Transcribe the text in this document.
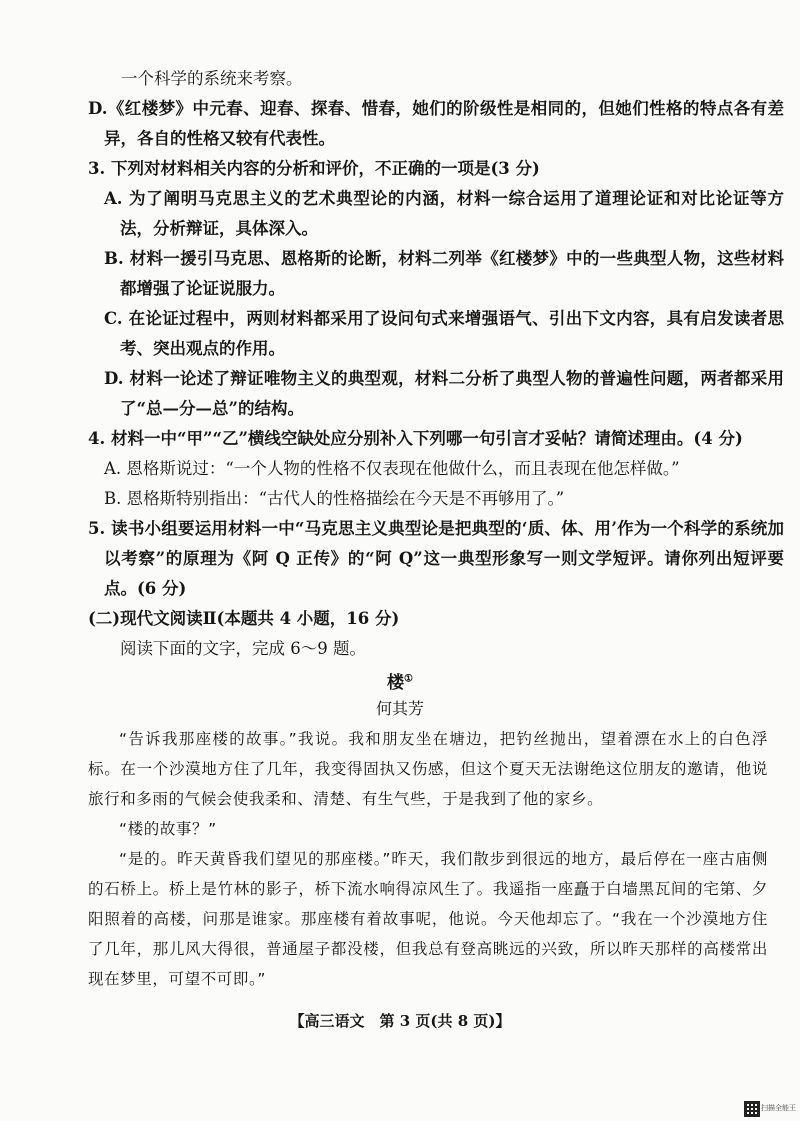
一个科学的系统来考察。

D.《红楼梦》中元春、迎春、探春、惜春，她们的阶级性是相同的，但她们性格的特点各有差异，各自的性格又较有代表性。

3. 下列对材料相关内容的分析和评价，不正确的一项是(3 分)

A. 为了阐明马克思主义的艺术典型论的内涵，材料一综合运用了道理论证和对比论证等方法，分析辩证，具体深入。

B. 材料一援引马克思、恩格斯的论断，材料二列举《红楼梦》中的一些典型人物，这些材料都增强了论证说服力。

C. 在论证过程中，两则材料都采用了设问句式来增强语气、引出下文内容，具有启发读者思考、突出观点的作用。

D. 材料一论述了辩证唯物主义的典型观，材料二分析了典型人物的普遍性问题，两者都采用了“总—分—总”的结构。

4. 材料一中“甲”“乙”横线空缺处应分别补入下列哪一句引言才妥帖？请简述理由。(4 分)

A. 恩格斯说过：“一个人物的性格不仅表现在他做什么，而且表现在他怎样做。”

B. 恩格斯特别指出：“古代人的性格描绘在今天是不再够用了。”

5. 读书小组要运用材料一中“马克思主义典型论是把典型的‘质、体、用’作为一个科学的系统加以考察”的原理为《阿 Q 正传》的“阿 Q”这一典型形象写一则文学短评。请你列出短评要点。(6 分)

(二)现代文阅读Ⅱ(本题共 4 小题，16 分)

阅读下面的文字，完成 6～9 题。

楼①
何其芳

“告诉我那座楼的故事。”我说。我和朋友坐在塘边，把钓丝抛出，望着漂在水上的白色浮标。在一个沙漠地方住了几年，我变得固执又伤感，但这个夏天无法谢绝这位朋友的邀请，他说旅行和多雨的气候会使我柔和、清楚、有生气些，于是我到了他的家乡。

“楼的故事？”

“是的。昨天黄昏我们望见的那座楼。”昨天，我们散步到很远的地方，最后停在一座古庙侧的石桥上。桥上是竹林的影子，桥下流水响得凉风生了。我遥指一座矗于白墙黑瓦间的宅第、夕阳照着的高楼，问那是谁家。那座楼有着故事呢，他说。今天他却忘了。“我在一个沙漠地方住了几年，那儿风大得很，普通屋子都没楼，但我总有登高眺远的兴致，所以昨天那样的高楼常出现在梦里，可望不可即。”

【高三语文　第 3 页(共 8 页)】
扫描全能王
